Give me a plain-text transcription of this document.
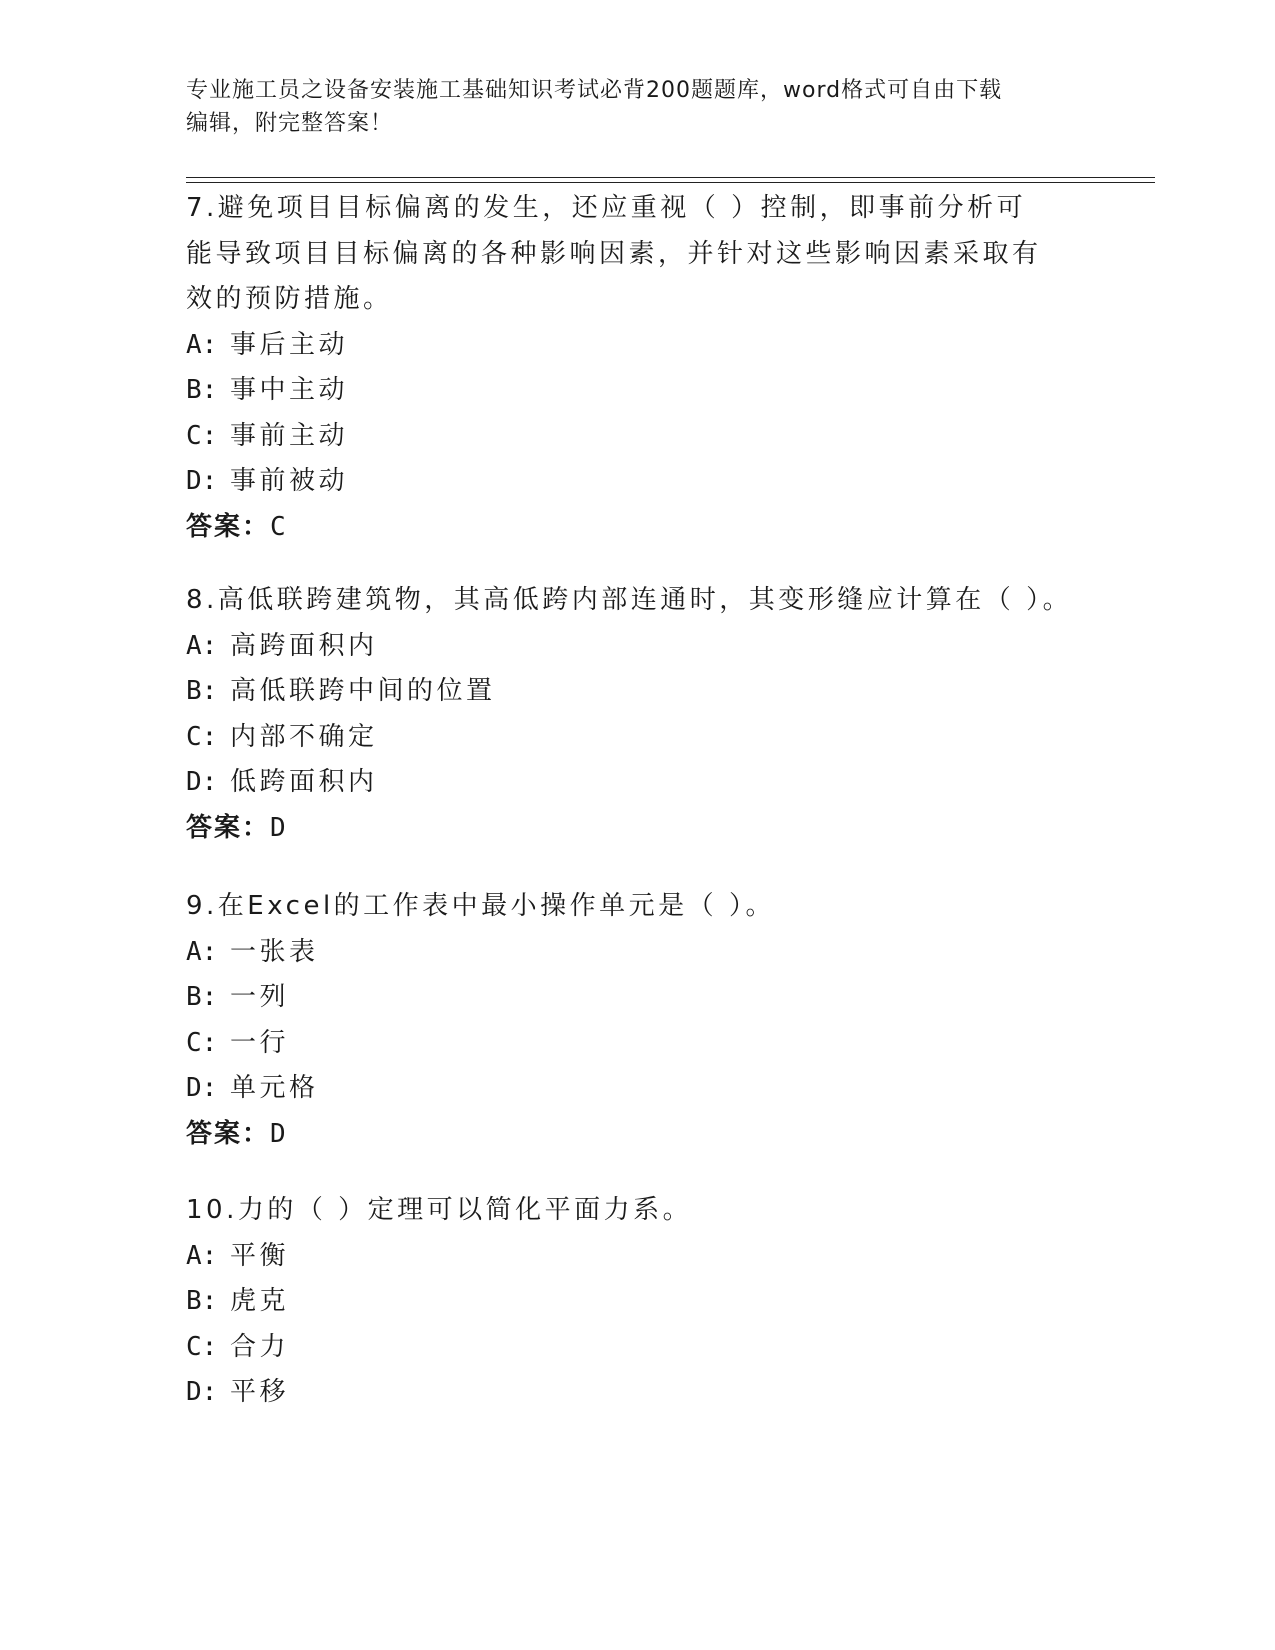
专业施工员之设备安装施工基础知识考试必背200题题库，word格式可自由下载
编辑，附完整答案！

7.避免项目目标偏离的发生，还应重视（ ）控制，即事前分析可能导致项目目标偏离的各种影响因素，并针对这些影响因素采取有效的预防措施。

A: 事后主动
B: 事中主动
C: 事前主动
D: 事前被动
答案：C

8.高低联跨建筑物，其高低跨内部连通时，其变形缝应计算在（ ）。

A: 高跨面积内
B: 高低联跨中间的位置
C: 内部不确定
D: 低跨面积内
答案：D

9.在Excel的工作表中最小操作单元是（ ）。

A: 一张表
B: 一列
C: 一行
D: 单元格
答案：D

10.力的（ ）定理可以简化平面力系。

A: 平衡
B: 虎克
C: 合力
D: 平移
